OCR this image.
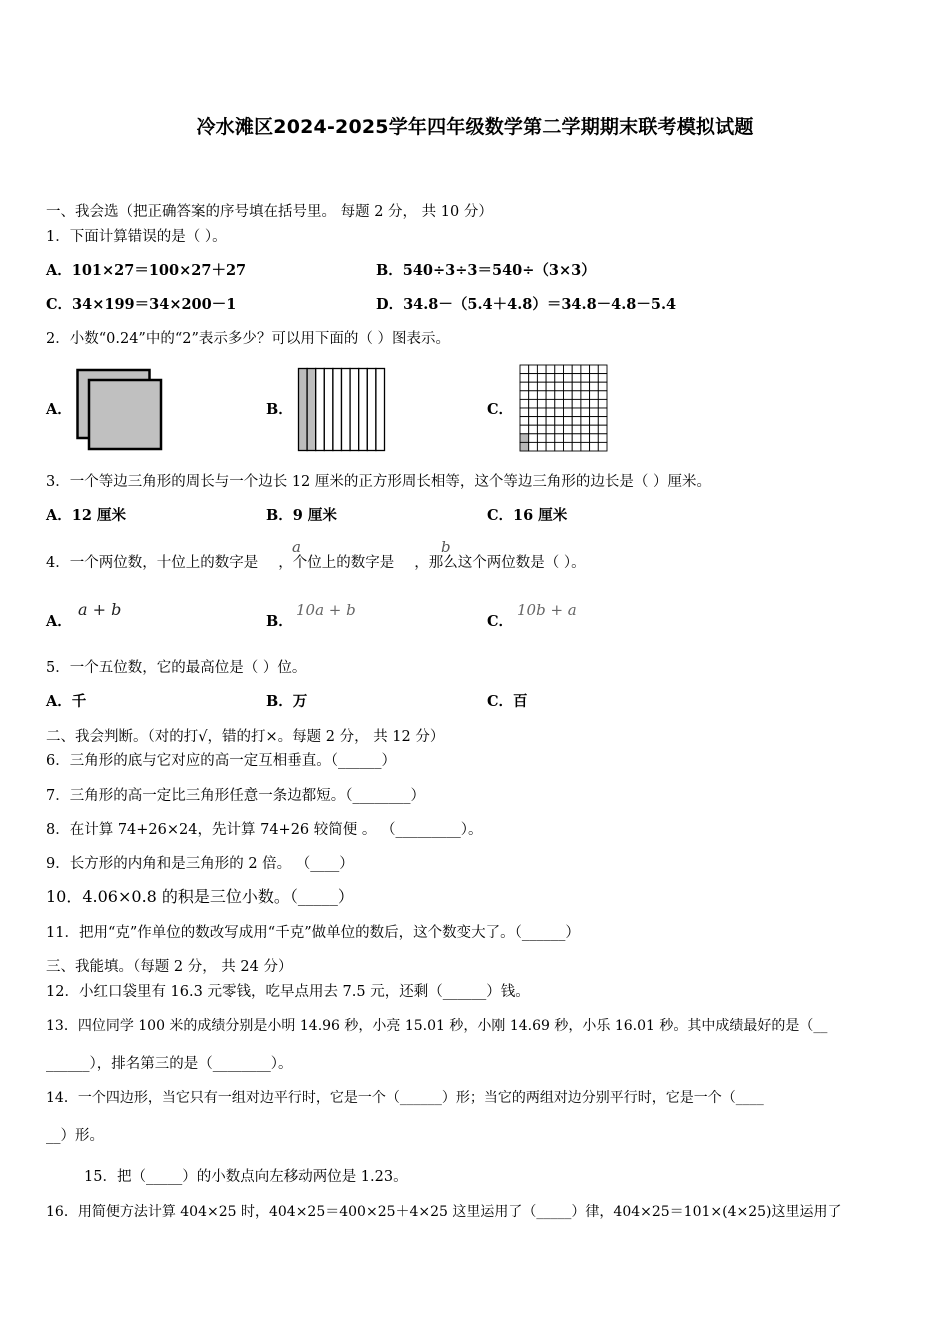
冷水滩区2024-2025学年四年级数学第二学期期末联考模拟试题
一、我会选（把正确答案的序号填在括号里。 每题 2 分， 共 10 分）
1．下面计算错误的是（ ）。
A．101×27＝100×27＋27	B．540÷3÷3＝540÷（3×3）
C．34×199＝34×200－1	D．34.8－（5.4＋4.8）＝34.8－4.8－5.4
2．小数“0.24”中的“2”表示多少？可以用下面的（ ）图表示。
A．	B．	C．
3．一个等边三角形的周长与一个边长 12 厘米的正方形周长相等，这个等边三角形的边长是（ ）厘米。
A．12 厘米	B．9 厘米	C．16 厘米
4．一个两位数，十位上的数字是 ，个位上的数字是 ，那么这个两位数是（ ）。
a	b
A．
a + b
B．
10a + b
C．
10b + a
5．一个五位数，它的最高位是（ ）位。
A．千	B．万	C．百
二、我会判断。（对的打√，错的打×。每题 2 分， 共 12 分）
6．三角形的底与它对应的高一定互相垂直。（______）
7．三角形的高一定比三角形任意一条边都短。（________）
8．在计算 74+26×24，先计算 74+26 较简便 。 （_________）。
9．长方形的内角和是三角形的 2 倍。 （____）
10．4.06×0.8 的积是三位小数。（_____）
11．把用“克”作单位的数改写成用“千克”做单位的数后，这个数变大了。（______）
三、我能填。（每题 2 分， 共 24 分）
12．小红口袋里有 16.3 元零钱，吃早点用去 7.5 元，还剩（______）钱。
13．四位同学 100 米的成绩分别是小明 14.96 秒，小亮 15.01 秒，小刚 14.69 秒，小乐 16.01 秒。其中成绩最好的是（__
______），排名第三的是（________）。
14．一个四边形，当它只有一组对边平行时，它是一个（______）形；当它的两组对边分别平行时，它是一个（____
__）形。
15．把（_____）的小数点向左移动两位是 1.23。
16．用简便方法计算 404×25 时，404×25＝400×25＋4×25 这里运用了（_____）律，404×25＝101×(4×25)这里运用了
